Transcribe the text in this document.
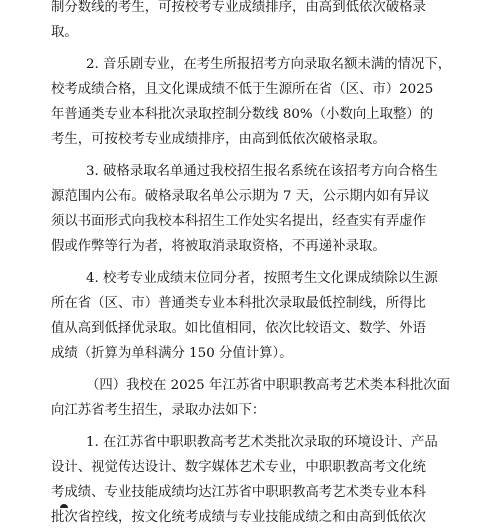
制分数线的考生，可按校考专业成绩排序，由高到低依次破格录
取。
2. 音乐剧专业，在考生所报招考方向录取名额未满的情况下，
校考成绩合格，且文化课成绩不低于生源所在省（区、市）2025
年普通类专业本科批次录取控制分数线 80%（小数向上取整）的
考生，可按校考专业成绩排序，由高到低依次破格录取。
3. 破格录取名单通过我校招生报名系统在该招考方向合格生
源范围内公布。破格录取名单公示期为 7 天，公示期内如有异议
须以书面形式向我校本科招生工作处实名提出，经查实有弄虚作
假或作弊等行为者，将被取消录取资格，不再递补录取。
4. 校考专业成绩末位同分者，按照考生文化课成绩除以生源
所在省（区、市）普通类专业本科批次录取最低控制线，所得比
值从高到低择优录取。如比值相同，依次比较语文、数学、外语
成绩（折算为单科满分 150 分值计算）。
（四）我校在 2025 年江苏省中职职教高考艺术类本科批次面
向江苏省考生招生，录取办法如下：
1. 在江苏省中职职教高考艺术类批次录取的环境设计、产品
设计、视觉传达设计、数字媒体艺术专业，中职职教高考文化统
考成绩、专业技能成绩均达江苏省中职职教高考艺术类专业本科
批次省控线，按文化统考成绩与专业技能成绩之和由高到低依次
